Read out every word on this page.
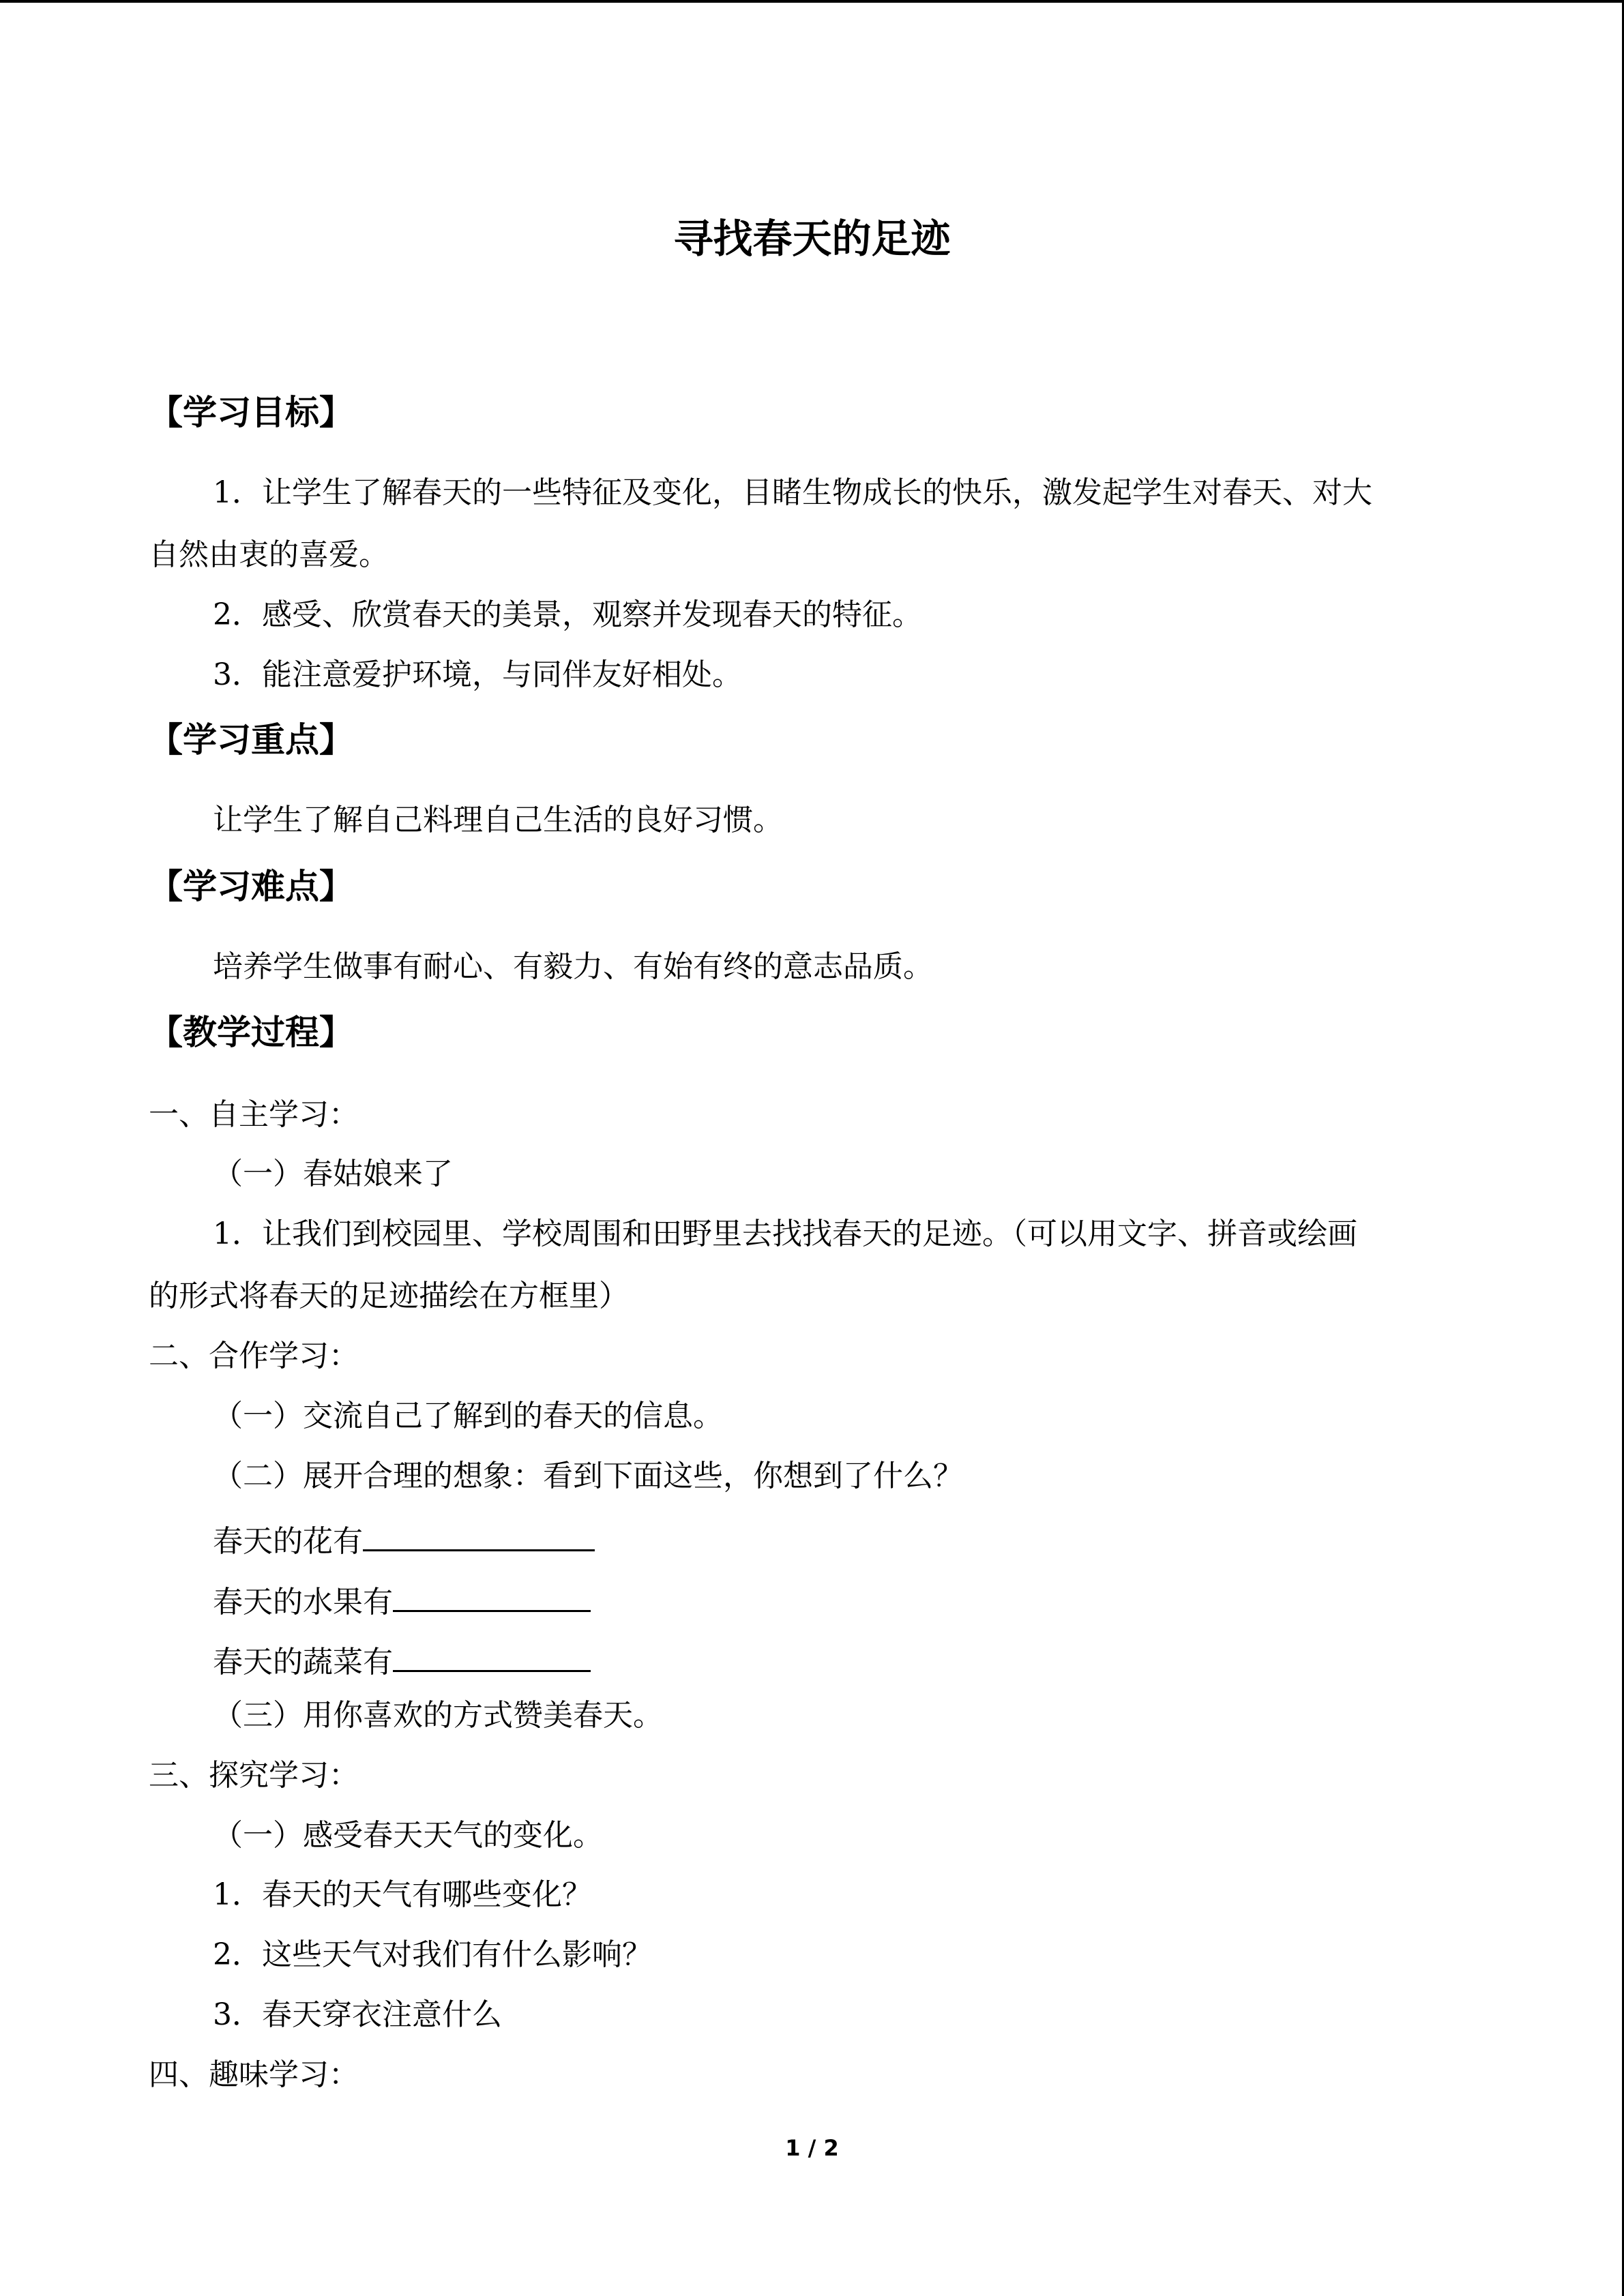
寻找春天的足迹
【学习目标】
1．让学生了解春天的一些特征及变化，目睹生物成长的快乐，激发起学生对春天、对大
自然由衷的喜爱。
2．感受、欣赏春天的美景，观察并发现春天的特征。
3．能注意爱护环境，与同伴友好相处。
【学习重点】
让学生了解自己料理自己生活的良好习惯。
【学习难点】
培养学生做事有耐心、有毅力、有始有终的意志品质。
【教学过程】
一、自主学习：
（一）春姑娘来了
1．让我们到校园里、学校周围和田野里去找找春天的足迹。（可以用文字、拼音或绘画
的形式将春天的足迹描绘在方框里）
二、合作学习：
（一）交流自己了解到的春天的信息。
（二）展开合理的想象：看到下面这些，你想到了什么？
春天的花有
春天的水果有
春天的蔬菜有
（三）用你喜欢的方式赞美春天。
三、探究学习：
（一）感受春天天气的变化。
1．春天的天气有哪些变化？
2．这些天气对我们有什么影响？
3．春天穿衣注意什么
四、趣味学习：
1 / 2
